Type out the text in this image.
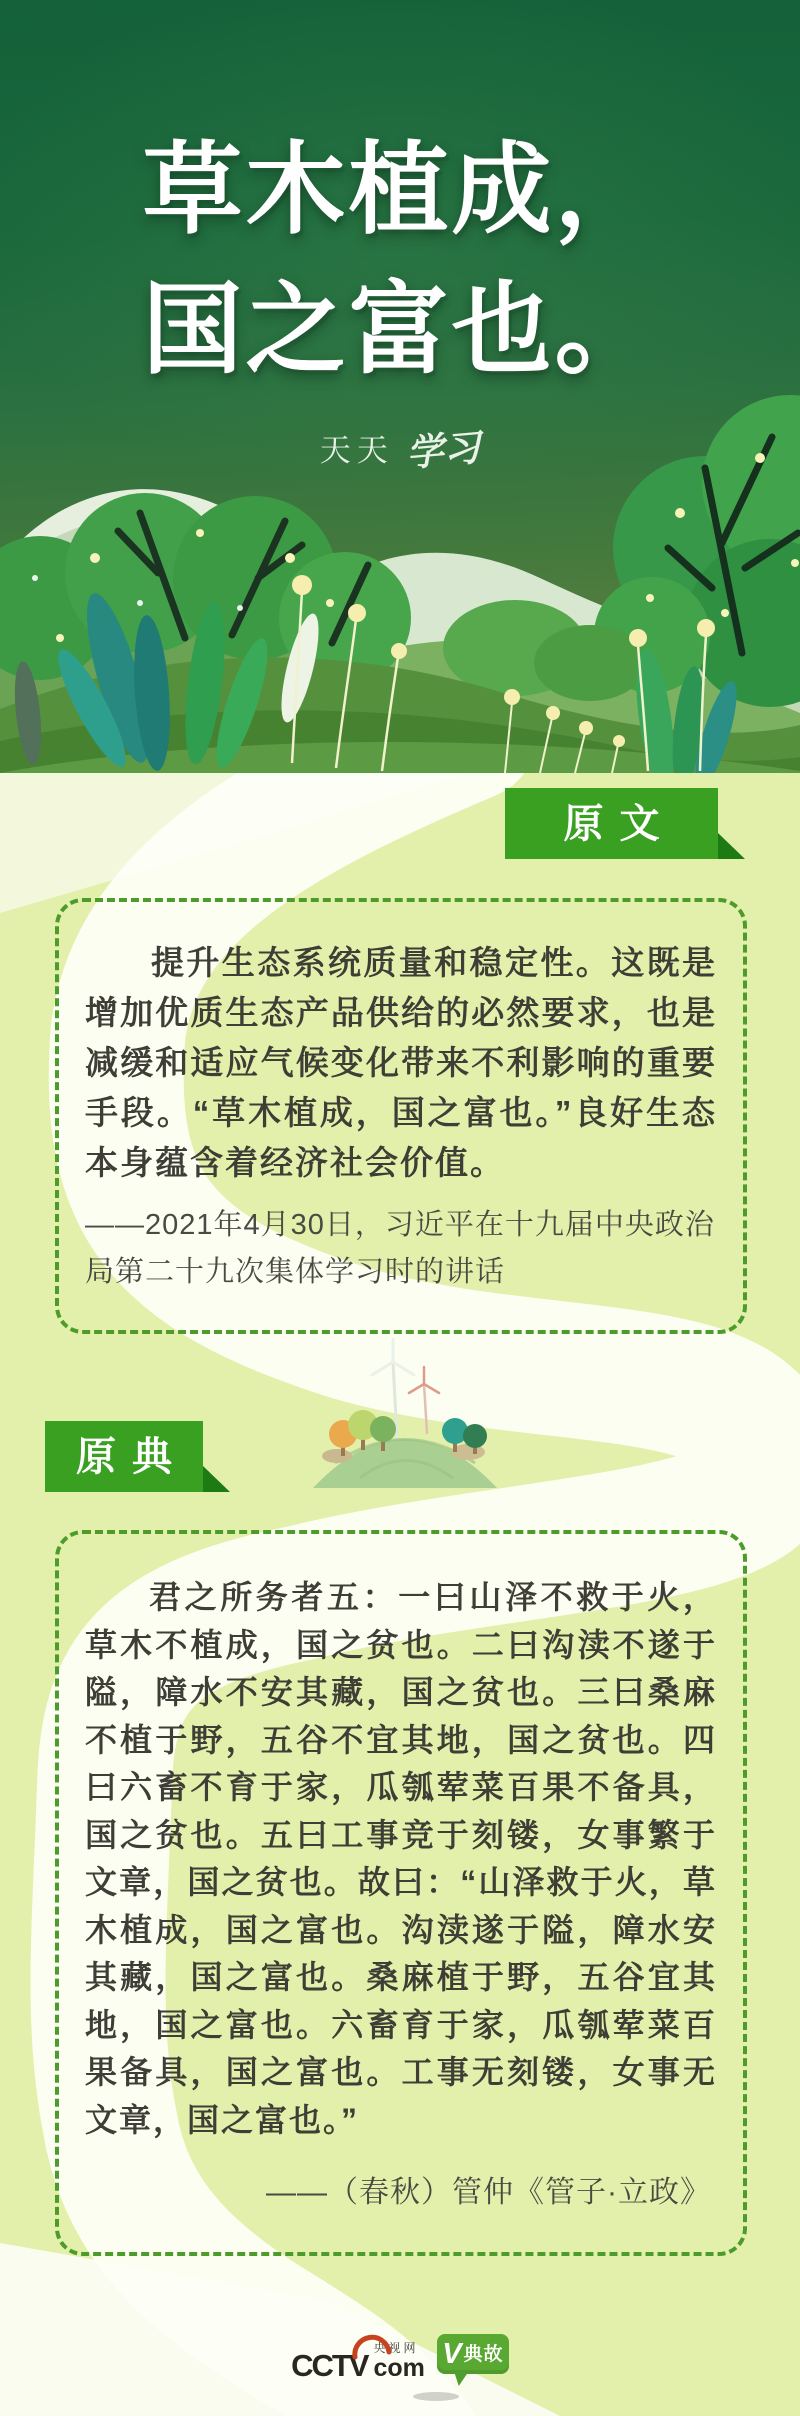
草木植成，
国之富也。
天天 学习
原文

提升生态系统质量和稳定性。这既是增加优质生态产品供给的必然要求，也是减缓和适应气候变化带来不利影响的重要手段。“草木植成，国之富也。”良好生态本身蕴含着经济社会价值。

——2021年4月30日，习近平在十九届中央政治局第二十九次集体学习时的讲话

原典

君之所务者五：一曰山泽不救于火，草木不植成，国之贫也。二曰沟渎不遂于隘，障水不安其藏，国之贫也。三曰桑麻不植于野，五谷不宜其地，国之贫也。四曰六畜不育于家，瓜瓠荤菜百果不备具，国之贫也。五曰工事竞于刻镂，女事繁于文章，国之贫也。故曰：“山泽救于火，草木植成，国之富也。沟渎遂于隘，障水安其藏，国之富也。桑麻植于野，五谷宜其地，国之富也。六畜育于家，瓜瓠荤菜百果备具，国之富也。工事无刻镂，女事无文章，国之富也。”

——（春秋）管仲《管子·立政》

CCTV 央视网
com V 典故
